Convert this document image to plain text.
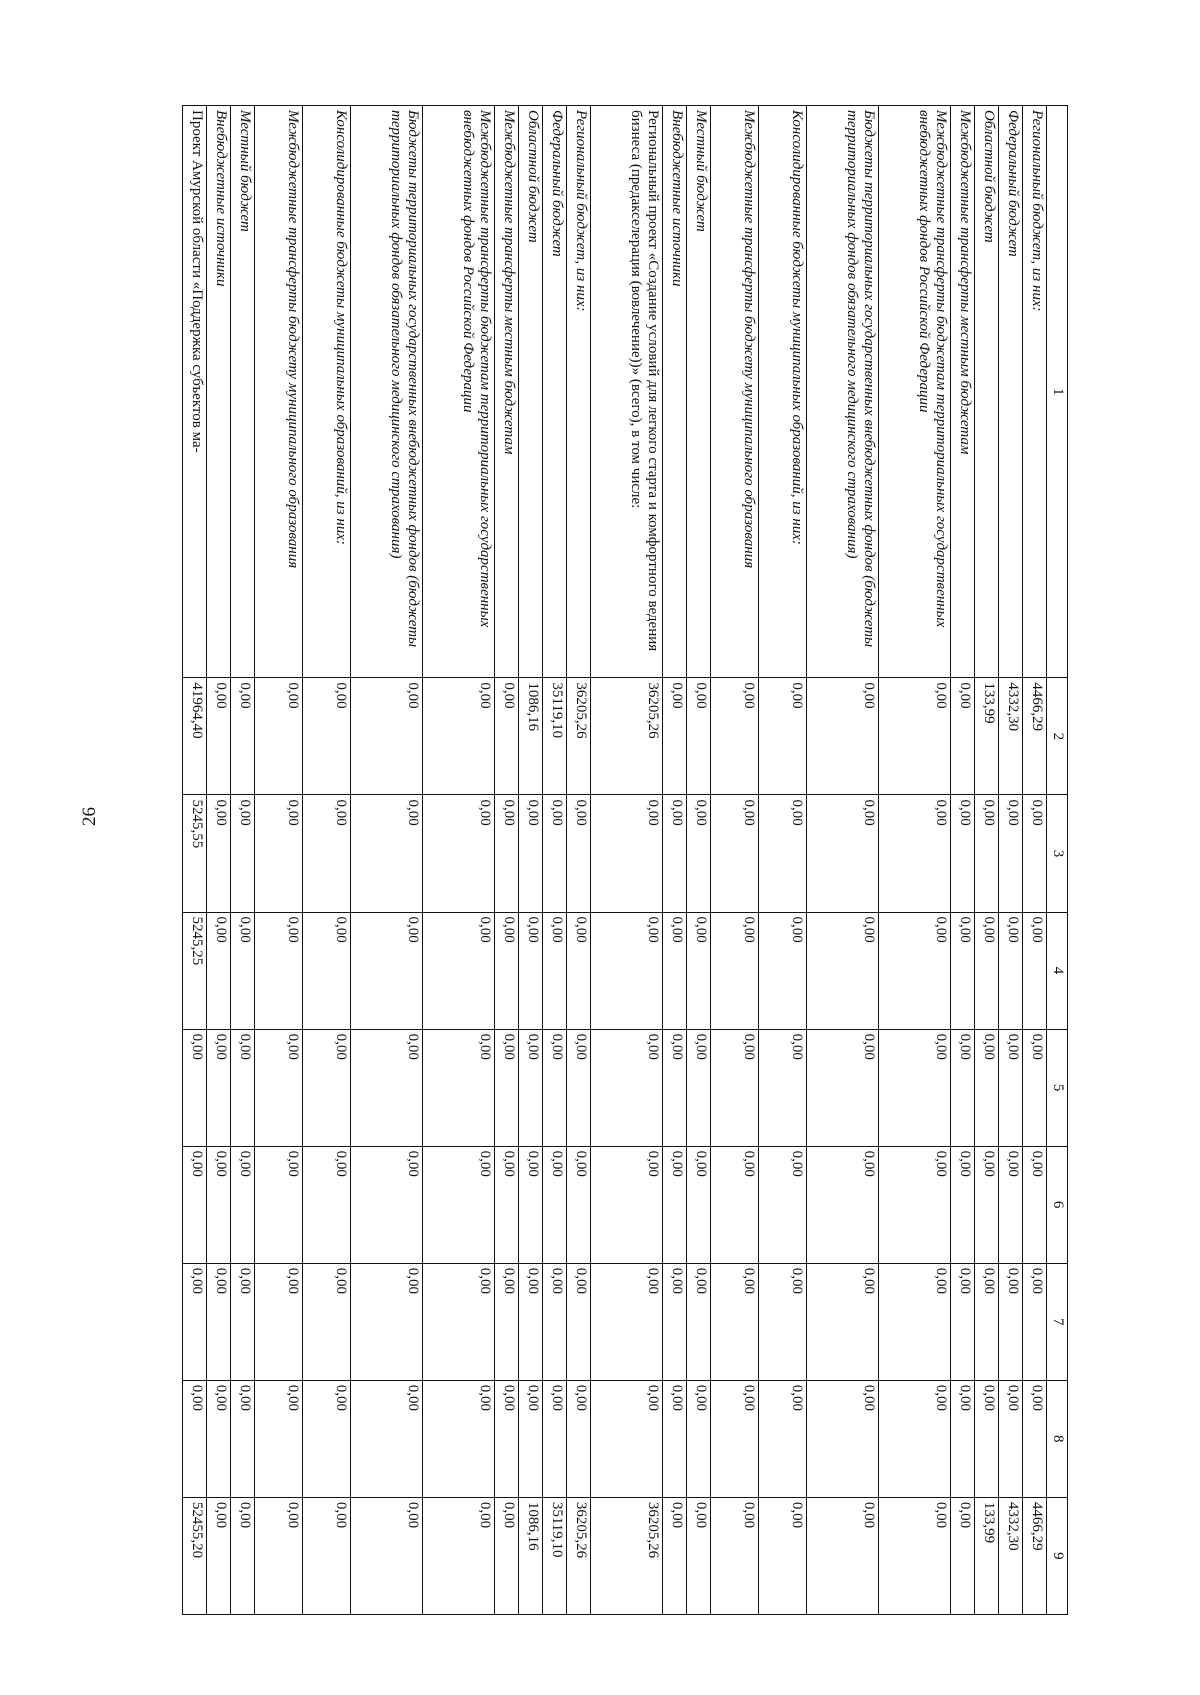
26
1	2	3	4	5	6	7	8	9
Региональный бюджет, из них:	4466,29	0,00	0,00	0,00	0,00	0,00	0,00	4466,29
Федеральный бюджет	4332,30	0,00	0,00	0,00	0,00	0,00	0,00	4332,30
Областной бюджет	133,99	0,00	0,00	0,00	0,00	0,00	0,00	133,99
Межбюджетные трансферты местным бюджетам	0,00	0,00	0,00	0,00	0,00	0,00	0,00	0,00
Межбюджетные трансферты бюджетам территориальных государственных внебюджетных фондов Российской Федерации	0,00	0,00	0,00	0,00	0,00	0,00	0,00	0,00
Бюджеты территориальных государственных внебюджетных фондов (бюджеты территориальных фондов обязательного медицинского страхования)	0,00	0,00	0,00	0,00	0,00	0,00	0,00	0,00
Консолидированные бюджеты муниципальных образований, из них:	0,00	0,00	0,00	0,00	0,00	0,00	0,00	0,00
Межбюджетные трансферты бюджету муниципального образования	0,00	0,00	0,00	0,00	0,00	0,00	0,00	0,00
Местный бюджет	0,00	0,00	0,00	0,00	0,00	0,00	0,00	0,00
Внебюджетные источники	0,00	0,00	0,00	0,00	0,00	0,00	0,00	0,00
Региональный проект «Создание условий для легкого старта и комфортного ведения бизнеса (предакселерация (вовлечение))» (всего), в том числе:	36205,26	0,00	0,00	0,00	0,00	0,00	0,00	36205,26
Региональный бюджет, из них:	36205,26	0,00	0,00	0,00	0,00	0,00	0,00	36205,26
Федеральный бюджет	35119,10	0,00	0,00	0,00	0,00	0,00	0,00	35119,10
Областной бюджет	1086,16	0,00	0,00	0,00	0,00	0,00	0,00	1086,16
Межбюджетные трансферты местным бюджетам	0,00	0,00	0,00	0,00	0,00	0,00	0,00	0,00
Межбюджетные трансферты бюджетам территориальных государственных внебюджетных фондов Российской Федерации	0,00	0,00	0,00	0,00	0,00	0,00	0,00	0,00
Бюджеты территориальных государственных внебюджетных фондов (бюджеты территориальных фондов обязательного медицинского страхования)	0,00	0,00	0,00	0,00	0,00	0,00	0,00	0,00
Консолидированные бюджеты муниципальных образований, из них:	0,00	0,00	0,00	0,00	0,00	0,00	0,00	0,00
Межбюджетные трансферты бюджету муниципального образования	0,00	0,00	0,00	0,00	0,00	0,00	0,00	0,00
Местный бюджет	0,00	0,00	0,00	0,00	0,00	0,00	0,00	0,00
Внебюджетные источники	0,00	0,00	0,00	0,00	0,00	0,00	0,00	0,00
Проект Амурской области «Поддержка субъектов ма-	41964,40	5245,55	5245,25	0,00	0,00	0,00	0,00	52455,20
